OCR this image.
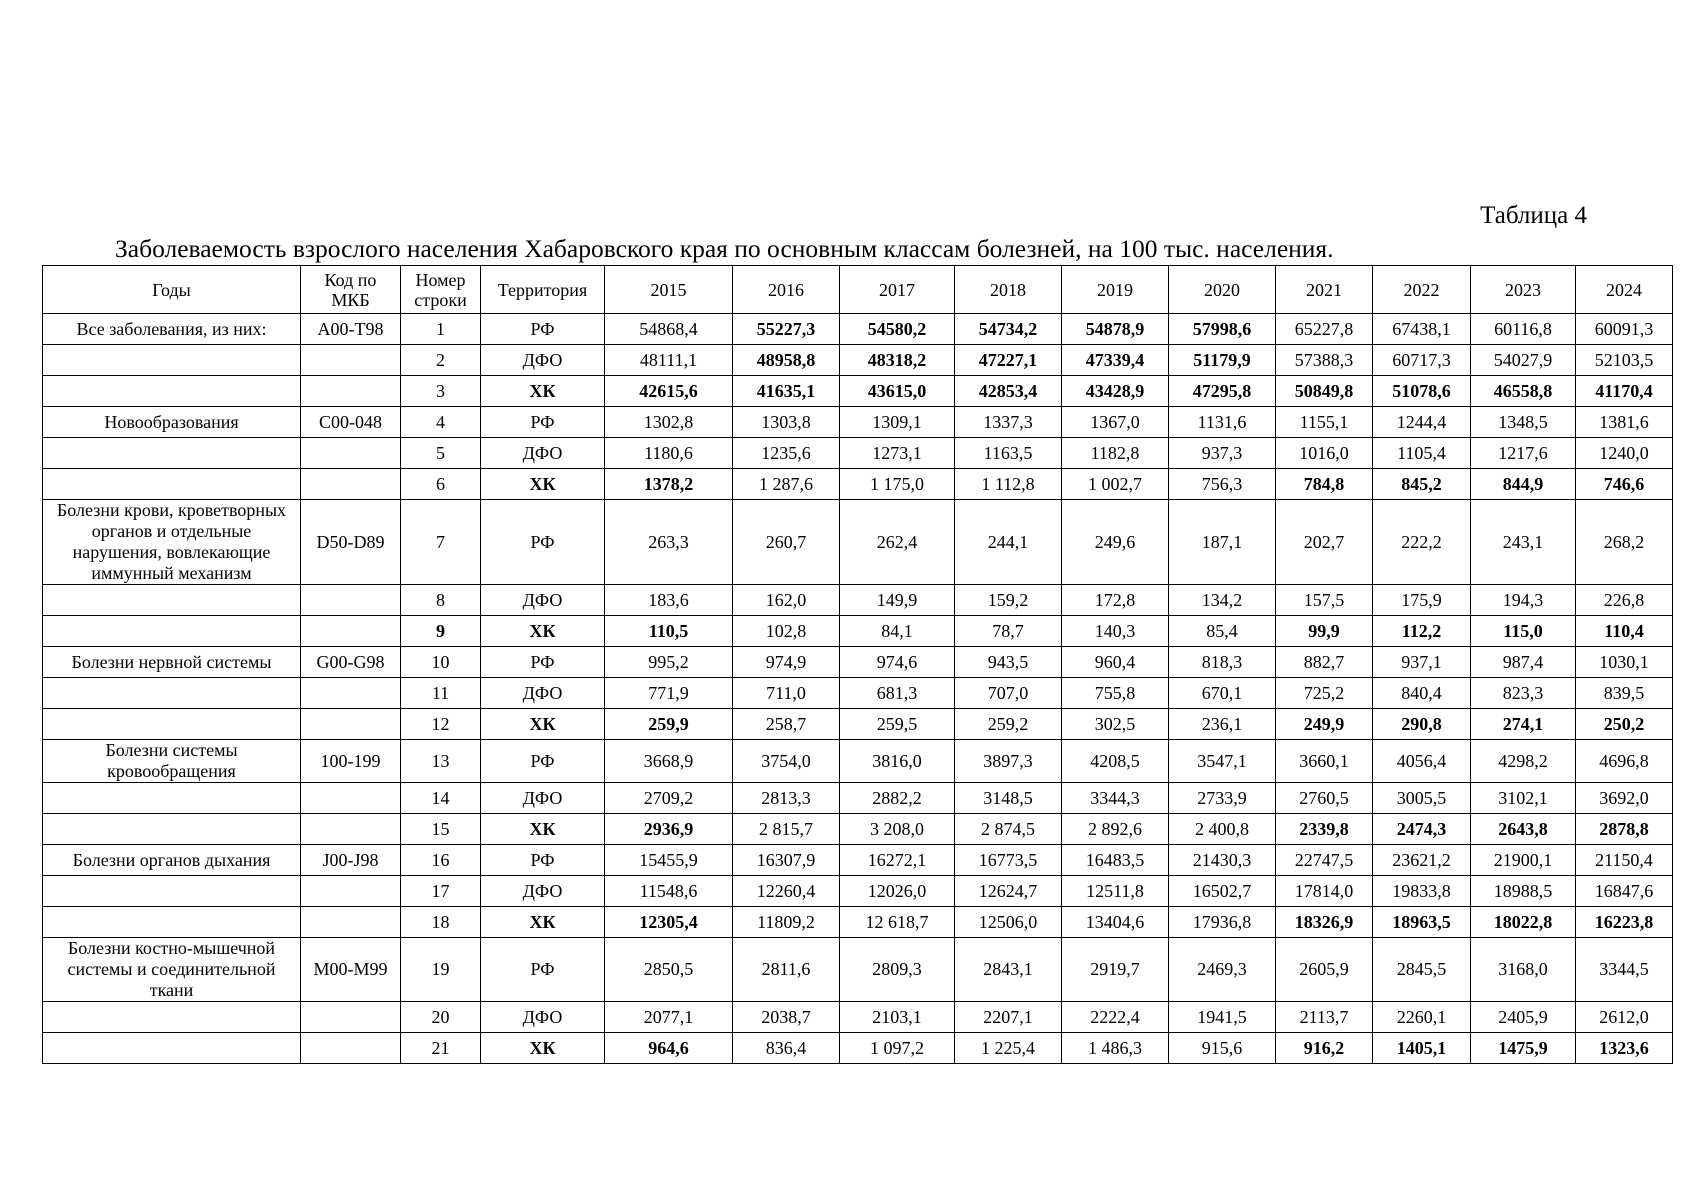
Таблица 4
Заболеваемость взрослого населения Хабаровского края по основным классам болезней, на 100 тыс. населения.
Годы	Код по МКБ	Номер строки	Территория	2015	2016	2017	2018	2019	2020	2021	2022	2023	2024
Все заболевания, из них:	A00-T98	1	РФ	54868,4	55227,3	54580,2	54734,2	54878,9	57998,6	65227,8	67438,1	60116,8	60091,3
		2	ДФО	48111,1	48958,8	48318,2	47227,1	47339,4	51179,9	57388,3	60717,3	54027,9	52103,5
		3	ХК	42615,6	41635,1	43615,0	42853,4	43428,9	47295,8	50849,8	51078,6	46558,8	41170,4
Новообразования	C00-048	4	РФ	1302,8	1303,8	1309,1	1337,3	1367,0	1131,6	1155,1	1244,4	1348,5	1381,6
		5	ДФО	1180,6	1235,6	1273,1	1163,5	1182,8	937,3	1016,0	1105,4	1217,6	1240,0
		6	ХК	1378,2	1 287,6	1 175,0	1 112,8	1 002,7	756,3	784,8	845,2	844,9	746,6
Болезни крови, кроветворных органов и отдельные нарушения, вовлекающие иммунный механизм	D50-D89	7	РФ	263,3	260,7	262,4	244,1	249,6	187,1	202,7	222,2	243,1	268,2
		8	ДФО	183,6	162,0	149,9	159,2	172,8	134,2	157,5	175,9	194,3	226,8
		9	ХК	110,5	102,8	84,1	78,7	140,3	85,4	99,9	112,2	115,0	110,4
Болезни нервной системы	G00-G98	10	РФ	995,2	974,9	974,6	943,5	960,4	818,3	882,7	937,1	987,4	1030,1
		11	ДФО	771,9	711,0	681,3	707,0	755,8	670,1	725,2	840,4	823,3	839,5
		12	ХК	259,9	258,7	259,5	259,2	302,5	236,1	249,9	290,8	274,1	250,2
Болезни системы кровообращения	100-199	13	РФ	3668,9	3754,0	3816,0	3897,3	4208,5	3547,1	3660,1	4056,4	4298,2	4696,8
		14	ДФО	2709,2	2813,3	2882,2	3148,5	3344,3	2733,9	2760,5	3005,5	3102,1	3692,0
		15	ХК	2936,9	2 815,7	3 208,0	2 874,5	2 892,6	2 400,8	2339,8	2474,3	2643,8	2878,8
Болезни органов дыхания	J00-J98	16	РФ	15455,9	16307,9	16272,1	16773,5	16483,5	21430,3	22747,5	23621,2	21900,1	21150,4
		17	ДФО	11548,6	12260,4	12026,0	12624,7	12511,8	16502,7	17814,0	19833,8	18988,5	16847,6
		18	ХК	12305,4	11809,2	12 618,7	12506,0	13404,6	17936,8	18326,9	18963,5	18022,8	16223,8
Болезни костно-мышечной системы и соединительной ткани	M00-M99	19	РФ	2850,5	2811,6	2809,3	2843,1	2919,7	2469,3	2605,9	2845,5	3168,0	3344,5
		20	ДФО	2077,1	2038,7	2103,1	2207,1	2222,4	1941,5	2113,7	2260,1	2405,9	2612,0
		21	ХК	964,6	836,4	1 097,2	1 225,4	1 486,3	915,6	916,2	1405,1	1475,9	1323,6
